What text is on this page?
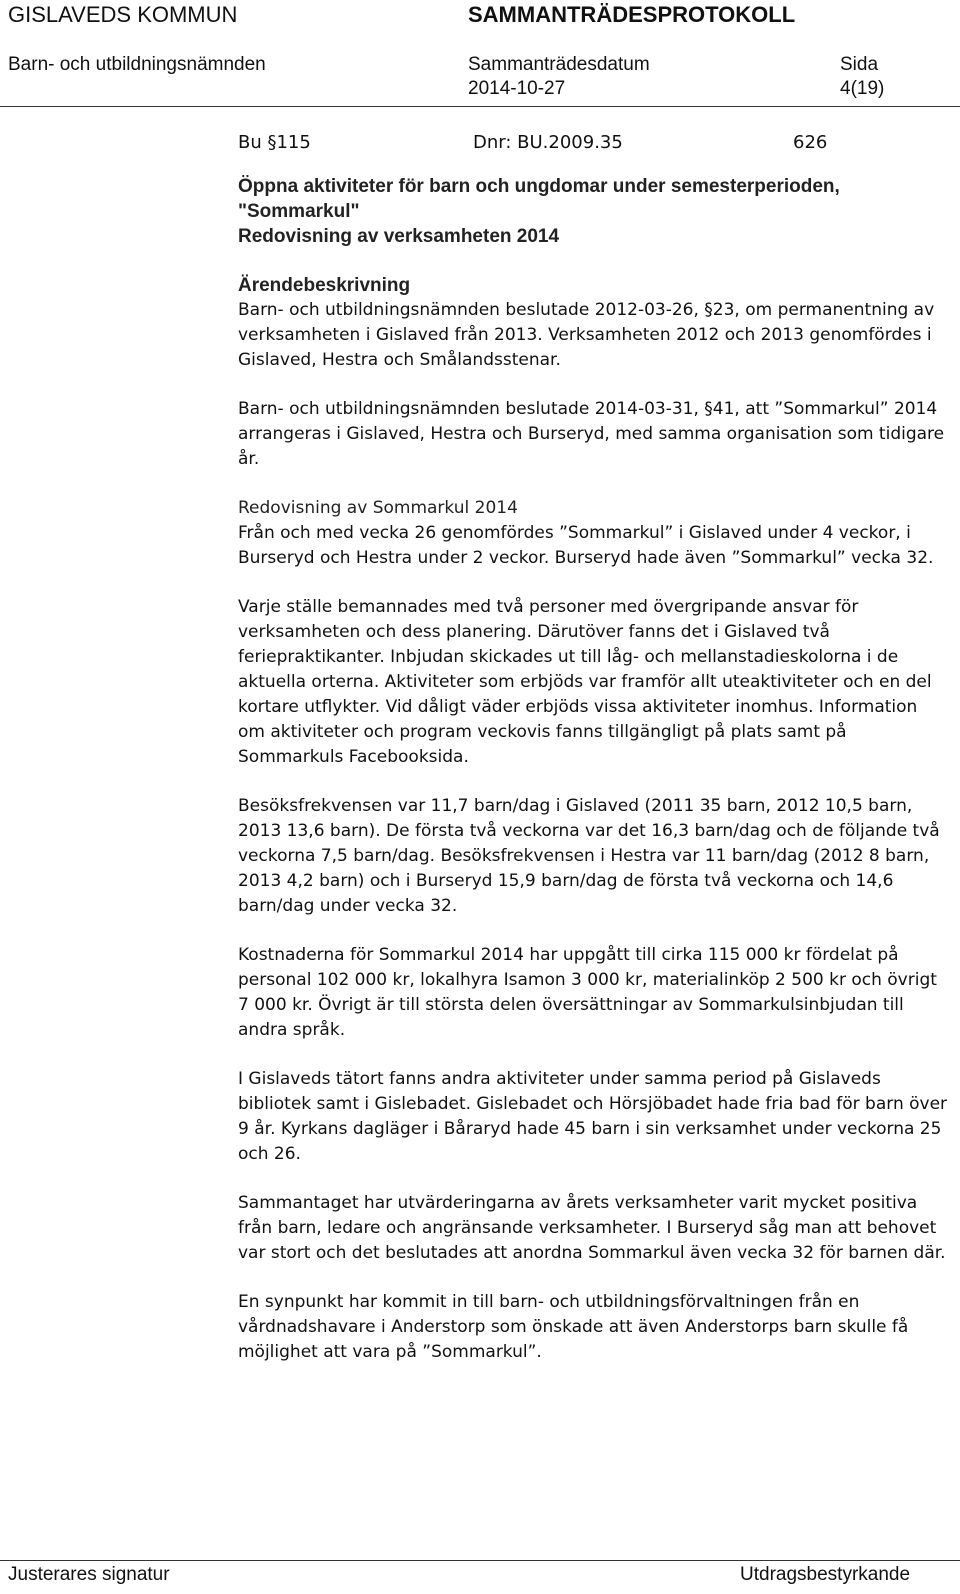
GISLAVEDS KOMMUN	SAMMANTRÄDESPROTOKOLL
Barn- och utbildningsnämnden	Sammanträdesdatum	Sida
2014-10-27	4(19)
Bu §115	Dnr: BU.2009.35	626

Öppna aktiviteter för barn och ungdomar under semesterperioden,

"Sommarkul"

Redovisning av verksamheten 2014

Ärendebeskrivning

Barn- och utbildningsnämnden beslutade 2012-03-26, §23, om permanentning av verksamheten i Gislaved från 2013. Verksamheten 2012 och 2013 genomfördes i Gislaved, Hestra och Smålandsstenar.

Barn- och utbildningsnämnden beslutade 2014-03-31, §41, att ”Sommarkul” 2014 arrangeras i Gislaved, Hestra och Burseryd, med samma organisation som tidigare år.

Redovisning av Sommarkul 2014

Från och med vecka 26 genomfördes ”Sommarkul” i Gislaved under 4 veckor, i Burseryd och Hestra under 2 veckor. Burseryd hade även ”Sommarkul” vecka 32.

Varje ställe bemannades med två personer med övergripande ansvar för verksamheten och dess planering. Därutöver fanns det i Gislaved två feriepraktikanter. Inbjudan skickades ut till låg- och mellanstadieskolorna i de aktuella orterna. Aktiviteter som erbjöds var framför allt uteaktiviteter och en del kortare utflykter. Vid dåligt väder erbjöds vissa aktiviteter inomhus. Information om aktiviteter och program veckovis fanns tillgängligt på plats samt på Sommarkuls Facebooksida.

Besöksfrekvensen var 11,7 barn/dag i Gislaved (2011 35 barn, 2012 10,5 barn, 2013 13,6 barn). De första två veckorna var det 16,3 barn/dag och de följande två veckorna 7,5 barn/dag. Besöksfrekvensen i Hestra var 11 barn/dag (2012 8 barn, 2013 4,2 barn) och i Burseryd 15,9 barn/dag de första två veckorna och 14,6 barn/dag under vecka 32.

Kostnaderna för Sommarkul 2014 har uppgått till cirka 115 000 kr fördelat på personal 102 000 kr, lokalhyra Isamon 3 000 kr, materialinköp 2 500 kr och övrigt 7 000 kr. Övrigt är till största delen översättningar av Sommarkulsinbjudan till andra språk.

I Gislaveds tätort fanns andra aktiviteter under samma period på Gislaveds bibliotek samt i Gislebadet. Gislebadet och Hörsjöbadet hade fria bad för barn över 9 år. Kyrkans dagläger i Båraryd hade 45 barn i sin verksamhet under veckorna 25 och 26.

Sammantaget har utvärderingarna av årets verksamheter varit mycket positiva från barn, ledare och angränsande verksamheter. I Burseryd såg man att behovet var stort och det beslutades att anordna Sommarkul även vecka 32 för barnen där.

En synpunkt har kommit in till barn- och utbildningsförvaltningen från en vårdnadshavare i Anderstorp som önskade att även Anderstorps barn skulle få möjlighet att vara på ”Sommarkul”.

Justerares signatur	Utdragsbestyrkande
